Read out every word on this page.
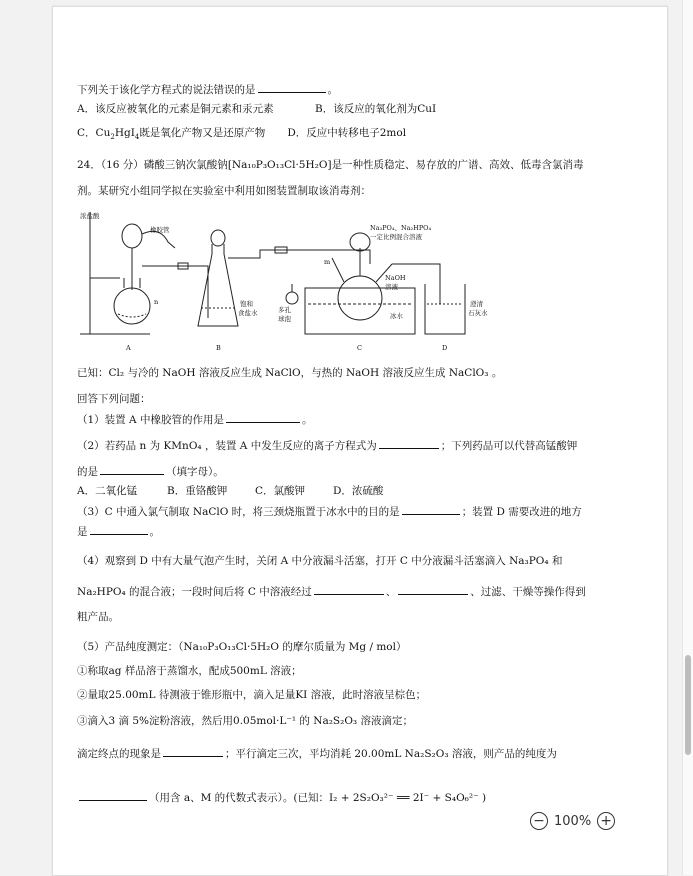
下列关于该化学方程式的说法错误的是	。
A．该反应被氧化的元素是铜元素和汞元素	B．该反应的氧化剂为CuI
C．$Cu_2HgI_4$既是氧化产物又是还原产物 D．反应中转移电子2mol
24．（16 分）磷酸三钠次氯酸钠[Na₁₀P₃O₁₃Cl·5H₂O]是一种性质稳定、易存放的广谱、高效、低毒含氯消毒
剂。某研究小组同学拟在实验室中利用如图装置制取该消毒剂：
浓盐酸
橡胶管
n	饱和
食盐水	多孔
球泡
m
Na₃PO₄、Na₂HPO₄
一定比例混合溶液
NaOH
溶液
冰水
澄清
石灰水
A	B	C	D
已知：Cl₂ 与冷的 NaOH 溶液反应生成 NaClO，与热的 NaOH 溶液反应生成 NaClO₃ 。
回答下列问题：
（1）装置 A 中橡胶管的作用是	。
（2）若药品 n 为 KMnO₄ ，装置 A 中发生反应的离子方程式为	；下列药品可以代替高锰酸钾
的是	（填字母）。
A．二氧化锰	B．重铬酸钾	C．氯酸钾	D．浓硫酸
（3）C 中通入氯气制取 NaClO 时，将三颈烧瓶置于冰水中的目的是	；装置 D 需要改进的地方
是	。
（4）观察到 D 中有大量气泡产生时，关闭 A 中分液漏斗活塞，打开 C 中分液漏斗活塞滴入 Na₃PO₄ 和
Na₂HPO₄ 的混合液；一段时间后将 C 中溶液经过	、	、过滤、干燥等操作得到
粗产品。
（5）产品纯度测定：（Na₁₀P₃O₁₃Cl·5H₂O 的摩尔质量为 Mg / mol）
①称取ag 样品溶于蒸馏水，配成500mL 溶液；
②量取25.00mL 待测液于锥形瓶中，滴入足量KI 溶液，此时溶液呈棕色；
③滴入3 滴 5%淀粉溶液，然后用0.05mol·L⁻¹ 的 Na₂S₂O₃ 溶液滴定；
滴定终点的现象是	；平行滴定三次，平均消耗 20.00mL Na₂S₂O₃ 溶液，则产品的纯度为
（用含 a、M 的代数式表示）。(已知：I₂ + 2S₂O₃²⁻ ══ 2I⁻ + S₄O₆²⁻ )
− 100% +
